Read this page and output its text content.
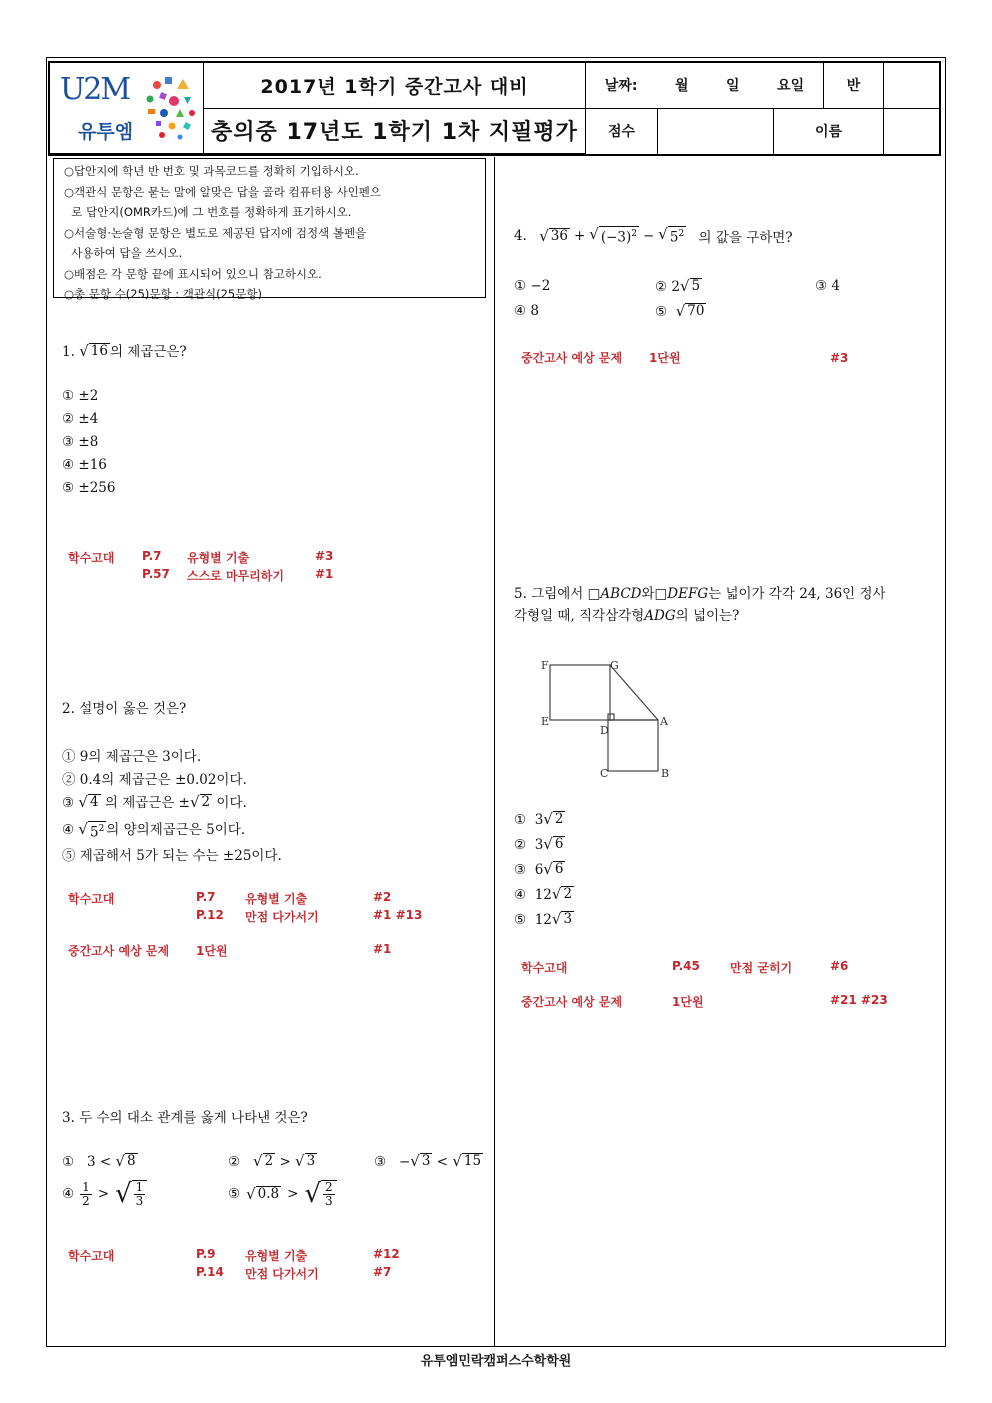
U2M
유투엠
2017년 1학기 중간고사 대비
충의중 17년도 1학기 1차 지필평가
날짜:	월	일	요일	반
점수	이름
○답안지에 학년 반 번호 및 과목코드를 정확히 기입하시오.
○객관식 문항은 묻는 말에 알맞은 답을 골라 컴퓨터용 사인펜으
로 답안지(OMR카드)에 그 번호를 정확하게 표기하시오.
○서술형·논술형 문항은 별도로 제공된 답지에 검정색 볼펜을
사용하여 답을 쓰시오.
○배점은 각 문항 끝에 표시되어 있으니 참고하시오.
○총 문항 수(25)문항 : 객관식(25문항)
1. √ 16 의 제곱근은?
① ±2
② ±4
③ ±8
④ ±16
⑤ ±256
학수고대 P.7 유형별 기출	#3
P.57 스스로 마무리하기	#1
2. 설명이 옳은 것은?
① 9의 제곱근은 3이다.
② 0.4의 제곱근은 ±0.02이다.
③ √ 4 의 제곱근은 ± √ 2 이다.
④ √ $5^2$ 의 양의제곱근은 5이다.
⑤ 제곱해서 5가 되는 수는 ±25이다.
학수고대	P.7 유형별 기출	#2
P.12 만점 다가서기	#1 #13
중간고사 예상 문제 1단원	#1
3. 두 수의 대소 관계를 옳게 나타낸 것은?
① 3 < √ 8	② √ 2 > √ 3	③ − √ 3 < √ 15
④ $\frac{1}{2}$ > √ $\frac{1}{3}$	⑤ √ 0.8 > √ $\frac{2}{3}$
학수고대	P.9 유형별 기출	#12
P.14 만점 다가서기	#7
4.
√ 36 + √ $(-3)^2$ − √ $5^2$
의 값을 구하면?
① −2	② 2 √ 5	③ 4
④ 8	⑤ √ 70
중간고사 예상 문제 1단원	#3
5. 그림에서 □ABCD와□DEFG는 넓이가 각각 24, 36인 정사
각형일 때, 직각삼각형ADG의 넓이는?
F	G
E
D
A
C	B
① 3 √ 2
② 3 √ 6
③ 6 √ 6
④ 12 √ 2
⑤ 12 √ 3
학수고대	P.45	만점 굳히기	#6
중간고사 예상 문제	1단원	#21 #23
유투엠민락캠퍼스수학학원
